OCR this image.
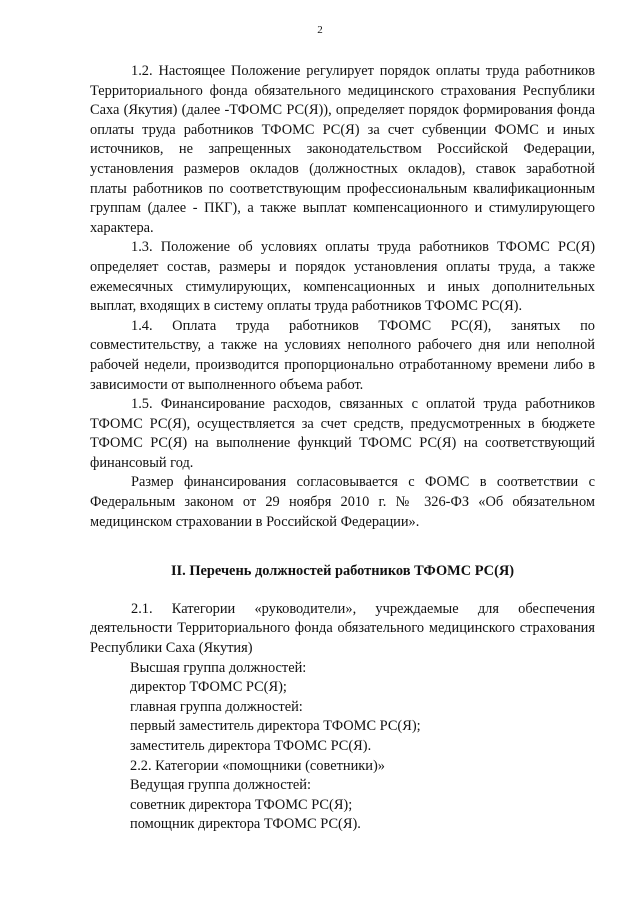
2

1.2. Настоящее Положение регулирует порядок оплаты труда работников Территориального фонда обязательного медицинского страхования Республики Саха (Якутия) (далее -ТФОМС РС(Я)), определяет порядок формирования фонда оплаты труда работников ТФОМС РС(Я) за счет субвенции ФОМС и иных источников, не запрещенных законодательством Российской Федерации, установления размеров окладов (должностных окладов), ставок заработной платы работников по соответствующим профессиональным квалификационным группам (далее - ПКГ), а также выплат компенсационного и стимулирующего характера.

1.3. Положение об условиях оплаты труда работников ТФОМС РС(Я) определяет состав, размеры и порядок установления оплаты труда, а также ежемесячных стимулирующих, компенсационных и иных дополнительных выплат, входящих в систему оплаты труда работников ТФОМС РС(Я).

1.4. Оплата труда работников ТФОМС РС(Я), занятых по совместительству, а также на условиях неполного рабочего дня или неполной рабочей недели, производится пропорционально отработанному времени либо в зависимости от выполненного объема работ.

1.5. Финансирование расходов, связанных с оплатой труда работников ТФОМС РС(Я), осуществляется за счет средств, предусмотренных в бюджете ТФОМС РС(Я) на выполнение функций ТФОМС РС(Я) на соответствующий финансовый год.

Размер финансирования согласовывается с ФОМС в соответствии с Федеральным законом от 29 ноября 2010 г. № 326-ФЗ «Об обязательном медицинском страховании в Российской Федерации».

II. Перечень должностей работников ТФОМС РС(Я)

2.1. Категории «руководители», учреждаемые для обеспечения деятельности Территориального фонда обязательного медицинского страхования Республики Саха (Якутия)

Высшая группа должностей:

директор ТФОМС РС(Я);

главная группа должностей:

первый заместитель директора ТФОМС РС(Я);

заместитель директора ТФОМС РС(Я).

2.2. Категории «помощники (советники)»

Ведущая группа должностей:

советник директора ТФОМС РС(Я);

помощник директора ТФОМС РС(Я).
